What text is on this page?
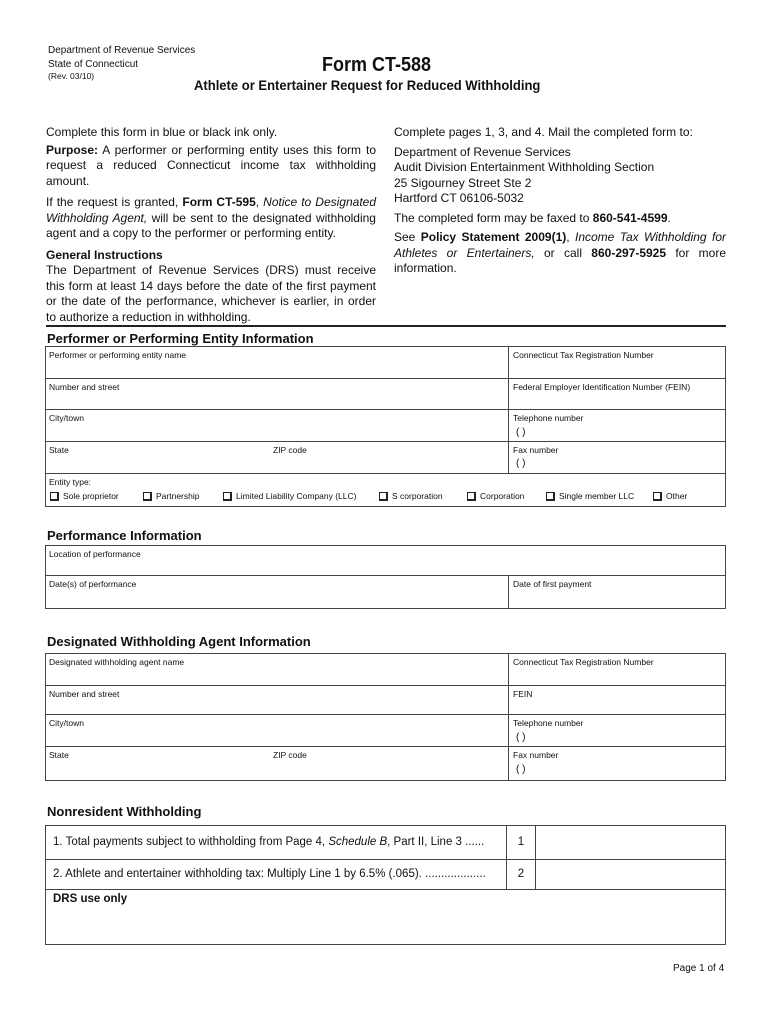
Department of Revenue Services
State of Connecticut
(Rev. 03/10)	Form CT-588
Athlete or Entertainer Request for Reduced Withholding

Complete this form in blue or black ink only.

Purpose: A performer or performing entity uses this form to request a reduced Connecticut income tax withholding amount.

If the request is granted, Form CT-595, Notice to Designated Withholding Agent, will be sent to the designated withholding agent and a copy to the performer or performing entity.

General Instructions

The Department of Revenue Services (DRS) must receive this form at least 14 days before the date of the first payment or the date of the performance, whichever is earlier, in order to authorize a reduction in withholding.

Complete pages 1, 3, and 4. Mail the completed form to:

Department of Revenue Services

Audit Division Entertainment Withholding Section

25 Sigourney Street Ste 2

Hartford CT 06106-5032

The completed form may be faxed to 860-541-4599.

See Policy Statement 2009(1), Income Tax Withholding for Athletes or Entertainers, or call 860-297-5925 for more information.

Performer or Performing Entity Information
Performer or performing entity name	Connecticut Tax Registration Number
Number and street	Federal Employer Identification Number (FEIN)
City/town	Telephone number
( )
State	ZIP code	Fax number
( )
Entity type:
Sole proprietor	Partnership	Limited Liability Company (LLC)	S corporation	Corporation	Single member LLC	Other
Performance Information
Location of performance
Date(s) of performance	Date of first payment
Designated Withholding Agent Information
Designated withholding agent name	Connecticut Tax Registration Number
Number and street	FEIN
City/town	Telephone number
( )
State	ZIP code	Fax number
( )
Nonresident Withholding
1. Total payments subject to withholding from Page 4, Schedule B, Part II, Line 3 ......	1
2. Athlete and entertainer withholding tax: Multiply Line 1 by 6.5% (.065). ...................	2
DRS use only
Page 1 of 4
